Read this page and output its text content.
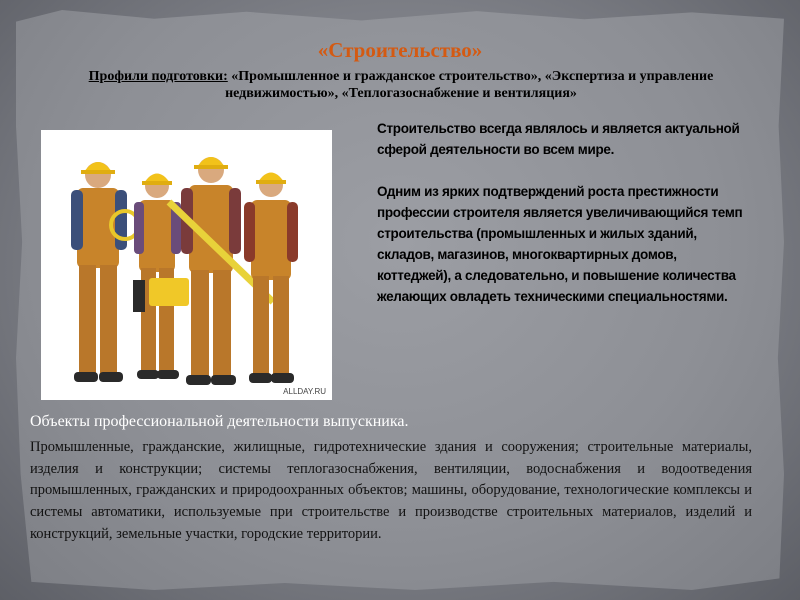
«Строительство»
Профили подготовки: «Промышленное и гражданское строительство», «Экспертиза и управление недвижимостью», «Теплогазоснабжение и вентиляция»
ALLDAY.RU
Строительство всегда являлось и является актуальной сферой деятельности во всем мире.
Одним из ярких подтверждений роста престижности профессии строителя является увеличивающийся темп строительства (промышленных и жилых зданий, складов, магазинов, многоквартирных домов, коттеджей), а следовательно, и повышение количества желающих овладеть техническими специальностями.
Объекты профессиональной деятельности выпускника.
Промышленные, гражданские, жилищные, гидротехнические здания и сооружения; строительные материалы, изделия и конструкции; системы теплогазоснабжения, вентиляции, водоснабжения и водоотведения промышленных, гражданских и природоохранных объектов; машины, оборудование, технологические комплексы и системы автоматики, используемые при строительстве и производстве строительных материалов, изделий и конструкций, земельные участки, городские территории.
